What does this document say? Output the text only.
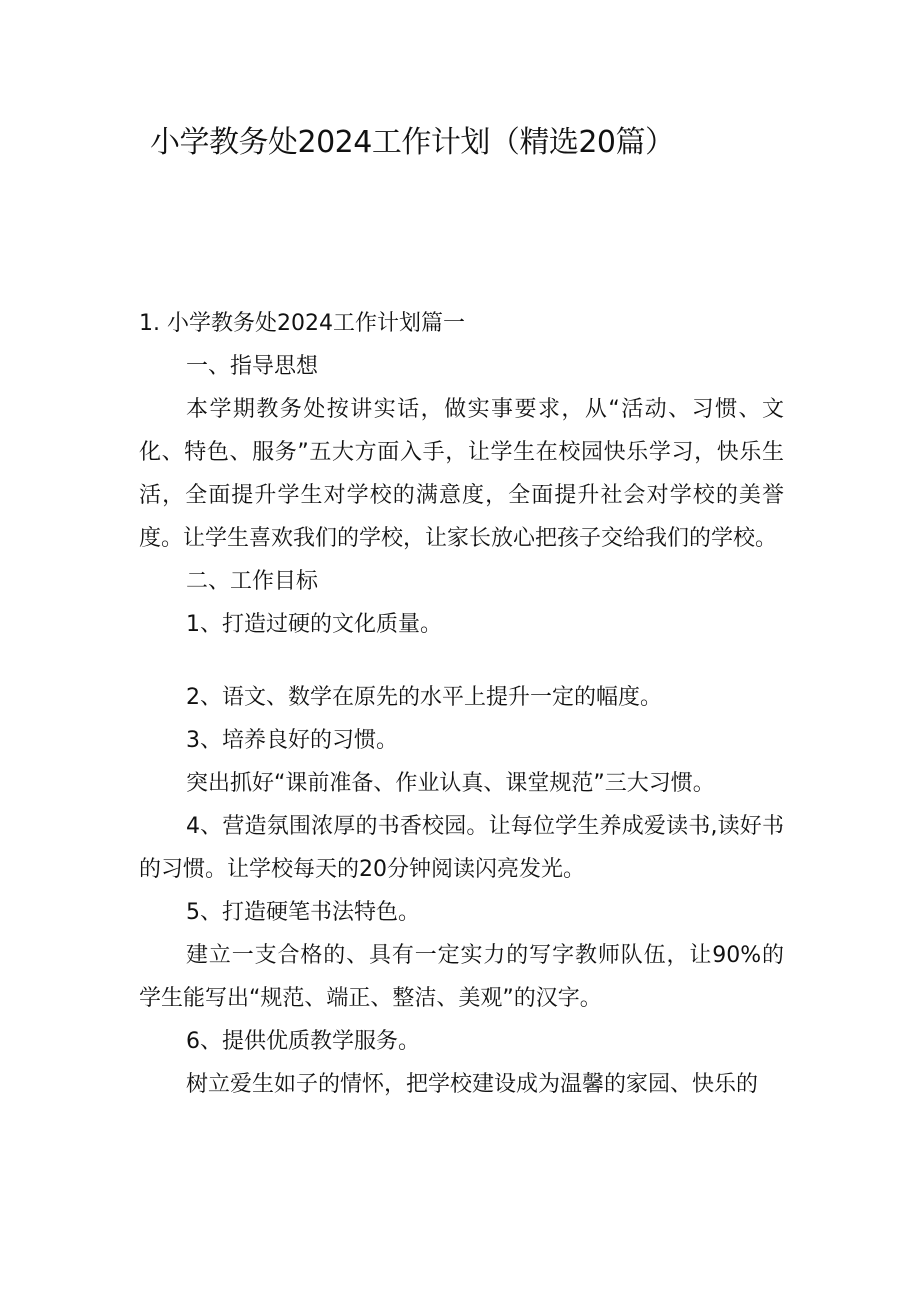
小学教务处2024工作计划（精选20篇）

1. 小学教务处2024工作计划篇一

一、指导思想

本学期教务处按讲实话，做实事要求，从“活动、习惯、文化、特色、服务”五大方面入手，让学生在校园快乐学习，快乐生活，全面提升学生对学校的满意度，全面提升社会对学校的美誉度。让学生喜欢我们的学校，让家长放心把孩子交给我们的学校。

二、工作目标

1、打造过硬的文化质量。

2、语文、数学在原先的水平上提升一定的幅度。

3、培养良好的习惯。

突出抓好“课前准备、作业认真、课堂规范”三大习惯。

4、营造氛围浓厚的书香校园。让每位学生养成爱读书,读好书的习惯。让学校每天的20分钟阅读闪亮发光。

5、打造硬笔书法特色。

建立一支合格的、具有一定实力的写字教师队伍，让90%的学生能写出“规范、端正、整洁、美观”的汉字。

6、提供优质教学服务。

树立爱生如子的情怀，把学校建设成为温馨的家园、快乐的
